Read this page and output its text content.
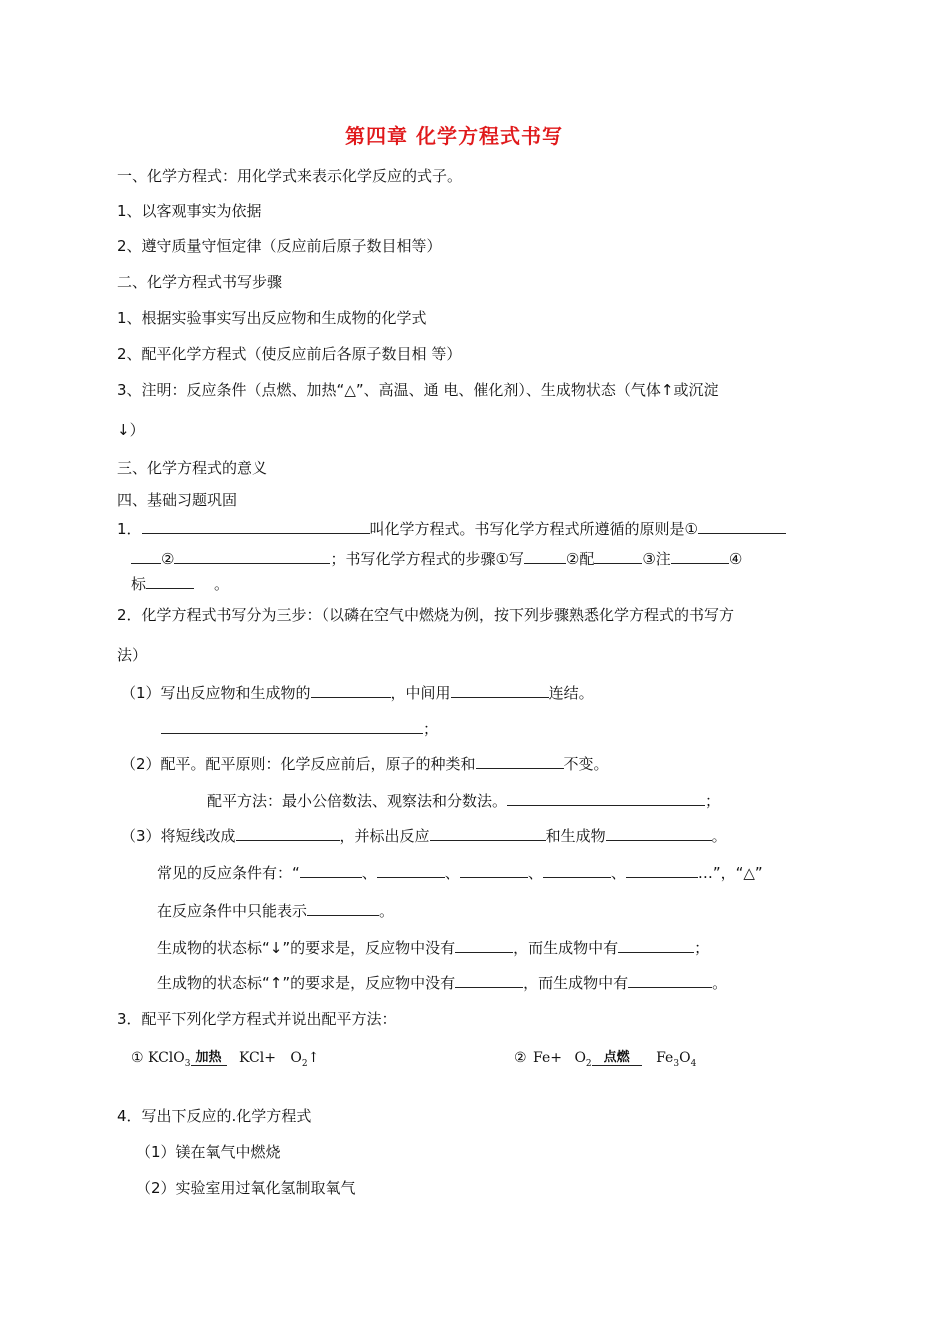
第四章 化学方程式书写
一、化学方程式：用化学式来表示化学反应的式子。
1、以客观事实为依据
2、遵守质量守恒定律（反应前后原子数目相等）
二、化学方程式书写步骤
1、根据实验事实写出反应物和生成物的化学式
2、配平化学方程式（使反应前后各原子数目相 等）
3、注明：反应条件（点燃、加热“△”、高温、通 电、催化剂）、生成物状态（气体↑或沉淀
↓）
三、化学方程式的意义
四、基础习题巩固
1．	叫化学方程式。书写化学方程式所遵循的原则是①
②	；书写化学方程式的步骤①写	②配	③注	④
标	。
2．化学方程式书写分为三步：（以磷在空气中燃烧为例，按下列步骤熟悉化学方程式的书写方
法）
（1）写出反应物和生成物的	，中间用	连结。
；
（2）配平。配平原则：化学反应前后，原子的种类和	不变。
配平方法：最小公倍数法、观察法和分数法。	；
（3）将短线改成	，并标出反应	和生成物	。
常见的反应条件有：“	、	、	、	、	…”，“△”
在反应条件中只能表示	。
生成物的状态标“↓”的要求是，反应物中没有	，而生成物中有	；
生成物的状态标“↑”的要求是，反应物中没有	，而生成物中有	。
3．配平下列化学方程式并说出配平方法：
① KClO$_3$ 加热	$KCl+ O_2↑$	② $Fe+ O_2$ 点燃	$Fe_3O_4$
4．写出下反应的.化学方程式
（1）镁在氧气中燃烧
（2）实验室用过氧化氢制取氧气
